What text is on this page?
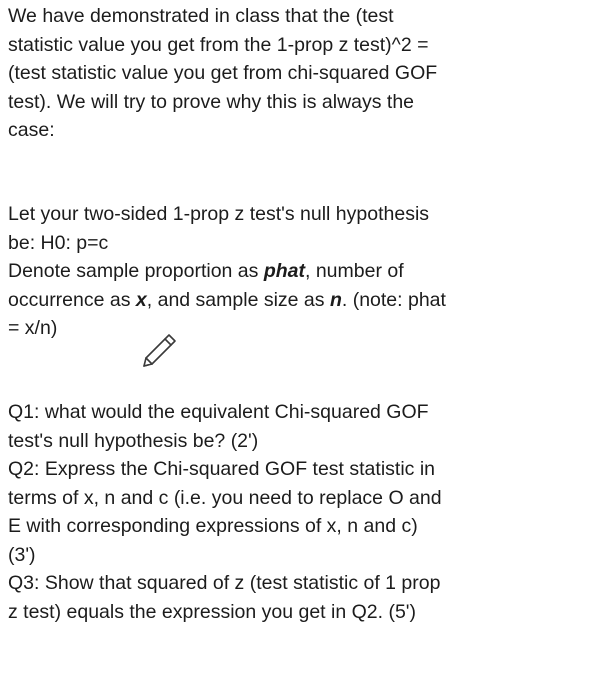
We have demonstrated in class that the (test
statistic value you get from the 1-prop z test)^2 =
(test statistic value you get from chi-squared GOF
test). We will try to prove why this is always the
case:
Let your two-sided 1-prop z test's null hypothesis
be: H0: p=c
Denote sample proportion as phat, number of
occurrence as x, and sample size as n. (note: phat
= x/n)
Q1: what would the equivalent Chi-squared GOF
test's null hypothesis be? (2')
Q2: Express the Chi-squared GOF test statistic in
terms of x, n and c (i.e. you need to replace O and
E with corresponding expressions of x, n and c)
(3')
Q3: Show that squared of z (test statistic of 1 prop
z test) equals the expression you get in Q2. (5')
